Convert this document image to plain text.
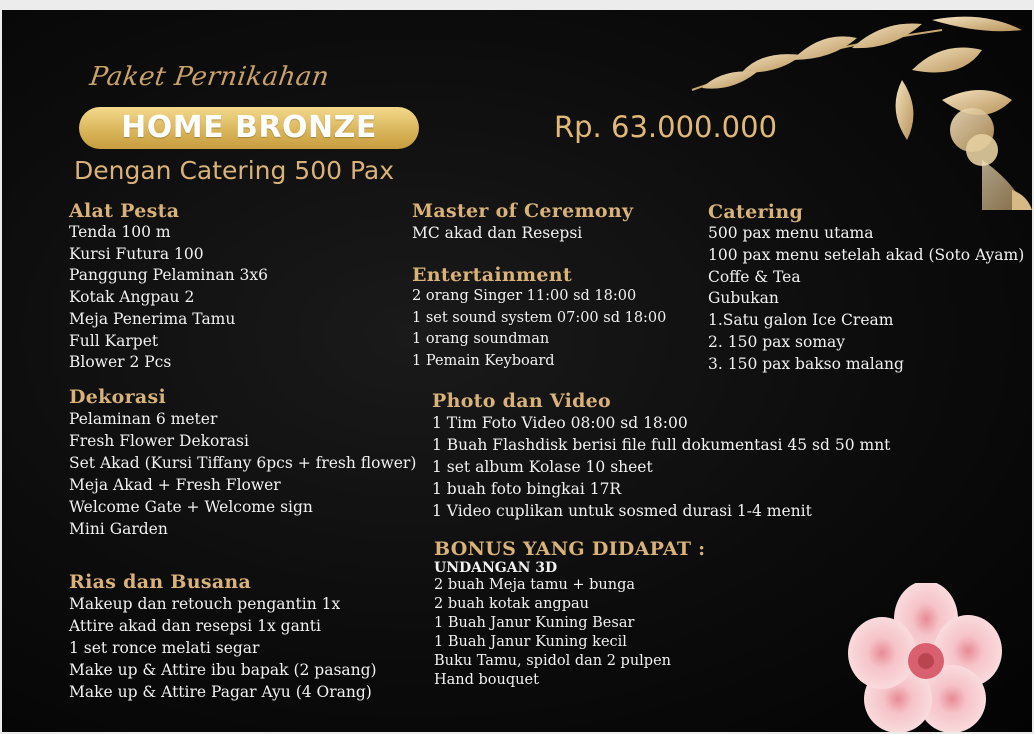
Paket Pernikahan
HOME BRONZE	Rp. 63.000.000
Dengan Catering 500 Pax
Alat Pesta
Tenda 100 m
Kursi Futura 100
Panggung Pelaminan 3x6
Kotak Angpau 2
Meja Penerima Tamu
Full Karpet
Blower 2 Pcs
Dekorasi
Pelaminan 6 meter
Fresh Flower Dekorasi
Set Akad (Kursi Tiffany 6pcs + fresh flower)
Meja Akad + Fresh Flower
Welcome Gate + Welcome sign
Mini Garden
Rias dan Busana
Makeup dan retouch pengantin 1x
Attire akad dan resepsi 1x ganti
1 set ronce melati segar
Make up & Attire ibu bapak (2 pasang)
Make up & Attire Pagar Ayu (4 Orang)
Master of Ceremony
MC akad dan Resepsi
Entertainment
2 orang Singer 11:00 sd 18:00
1 set sound system 07:00 sd 18:00
1 orang soundman
1 Pemain Keyboard
Catering
500 pax menu utama
100 pax menu setelah akad (Soto Ayam)
Coffe & Tea
Gubukan
1.Satu galon Ice Cream
2. 150 pax somay
3. 150 pax bakso malang
Photo dan Video
1 Tim Foto Video 08:00 sd 18:00
1 Buah Flashdisk berisi file full dokumentasi 45 sd 50 mnt
1 set album Kolase 10 sheet
1 buah foto bingkai 17R
1 Video cuplikan untuk sosmed durasi 1-4 menit
BONUS YANG DIDAPAT :
UNDANGAN 3D
2 buah Meja tamu + bunga
2 buah kotak angpau
1 Buah Janur Kuning Besar
1 Buah Janur Kuning kecil
Buku Tamu, spidol dan 2 pulpen
Hand bouquet
